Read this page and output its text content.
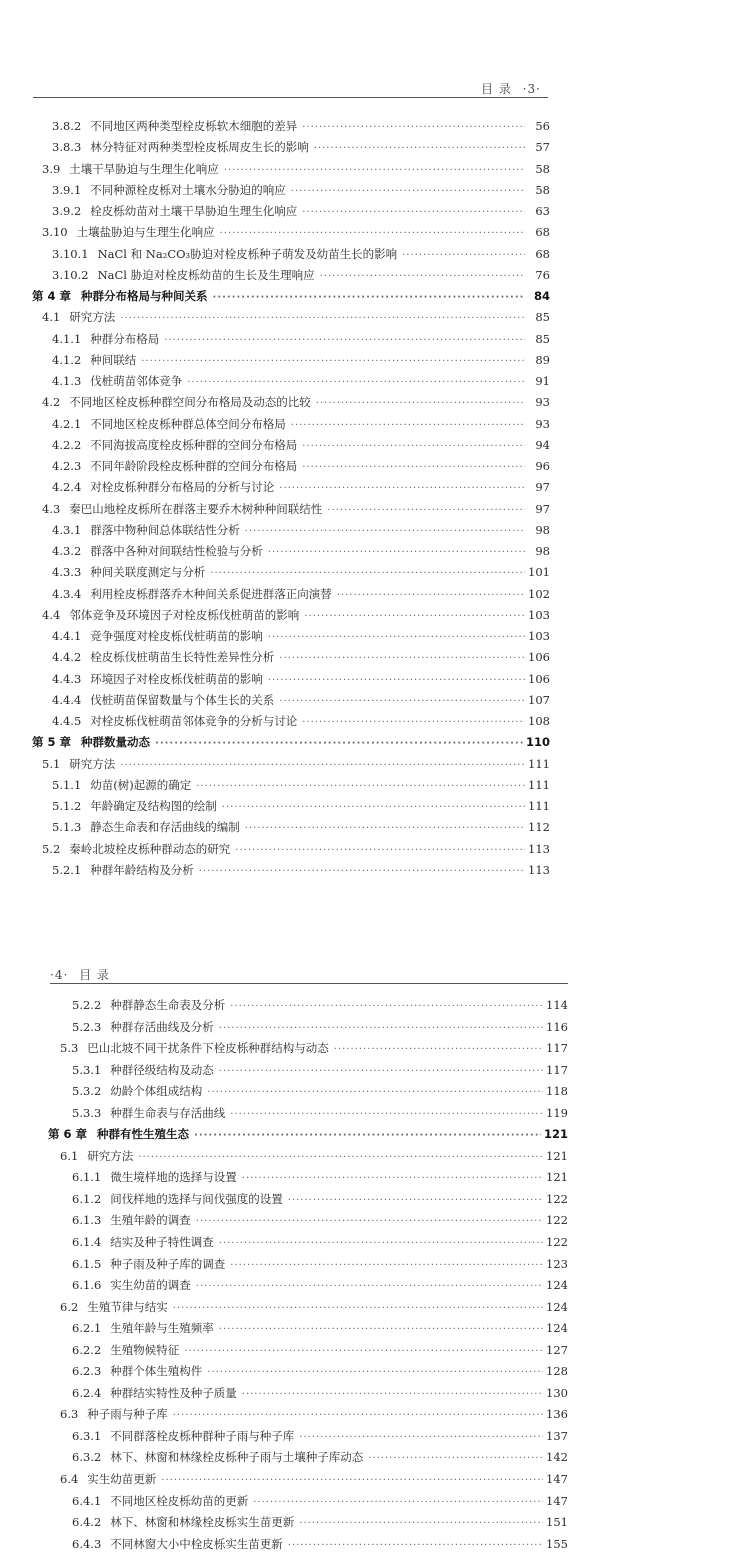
目 录 ·3·
3.8.2 不同地区两种类型栓皮栎软木细胞的差异 ·····	56
3.8.3 林分特征对两种类型栓皮栎周皮生长的影响 ·····	57
3.9 土壤干旱胁迫与生理生化响应 ·····	58
3.9.1 不同种源栓皮栎对土壤水分胁迫的响应 ·····	58
3.9.2 栓皮栎幼苗对土壤干旱胁迫生理生化响应 ·····	63
3.10 土壤盐胁迫与生理生化响应 ·····	68
3.10.1 NaCl 和 Na₂CO₃胁迫对栓皮栎种子萌发及幼苗生长的影响 ·····	68
3.10.2 NaCl 胁迫对栓皮栎幼苗的生长及生理响应 ·····	76
第 4 章 种群分布格局与种间关系 ·····	84
4.1 研究方法 ·····	85
4.1.1 种群分布格局 ·····	85
4.1.2 种间联结 ·····	89
4.1.3 伐桩萌苗邻体竞争 ·····	91
4.2 不同地区栓皮栎种群空间分布格局及动态的比较 ·····	93
4.2.1 不同地区栓皮栎种群总体空间分布格局 ·····	93
4.2.2 不同海拔高度栓皮栎种群的空间分布格局 ·····	94
4.2.3 不同年龄阶段栓皮栎种群的空间分布格局 ·····	96
4.2.4 对栓皮栎种群分布格局的分析与讨论 ·····	97
4.3 秦巴山地栓皮栎所在群落主要乔木树种种间联结性 ·····	97
4.3.1 群落中物种间总体联结性分析 ·····	98
4.3.2 群落中各种对间联结性检验与分析 ·····	98
4.3.3 种间关联度测定与分析 ·····	101
4.3.4 利用栓皮栎群落乔木种间关系促进群落正向演替 ·····	102
4.4 邻体竞争及环境因子对栓皮栎伐桩萌苗的影响 ·····	103
4.4.1 竞争强度对栓皮栎伐桩萌苗的影响 ·····	103
4.4.2 栓皮栎伐桩萌苗生长特性差异性分析 ·····	106
4.4.3 环境因子对栓皮栎伐桩萌苗的影响 ·····	106
4.4.4 伐桩萌苗保留数量与个体生长的关系 ·····	107
4.4.5 对栓皮栎伐桩萌苗邻体竞争的分析与讨论 ·····	108
第 5 章 种群数量动态 ·····	110
5.1 研究方法 ·····	111
5.1.1 幼苗(树)起源的确定 ·····	111
5.1.2 年龄确定及结构图的绘制 ·····	111
5.1.3 静态生命表和存活曲线的编制 ·····	112
5.2 秦岭北坡栓皮栎种群动态的研究 ·····	113
5.2.1 种群年龄结构及分析 ·····	113
·4· 目 录
5.2.2 种群静态生命表及分析 ·····	114
5.2.3 种群存活曲线及分析 ·····	116
5.3 巴山北坡不同干扰条件下栓皮栎种群结构与动态 ·····	117
5.3.1 种群径级结构及动态 ·····	117
5.3.2 幼龄个体组成结构 ·····	118
5.3.3 种群生命表与存活曲线 ·····	119
第 6 章 种群有性生殖生态 ·····	121
6.1 研究方法 ·····	121
6.1.1 微生境样地的选择与设置 ·····	121
6.1.2 间伐样地的选择与间伐强度的设置 ·····	122
6.1.3 生殖年龄的调查 ·····	122
6.1.4 结实及种子特性调查 ·····	122
6.1.5 种子雨及种子库的调查 ·····	123
6.1.6 实生幼苗的调查 ·····	124
6.2 生殖节律与结实 ·····	124
6.2.1 生殖年龄与生殖频率 ·····	124
6.2.2 生殖物候特征 ·····	127
6.2.3 种群个体生殖构件 ·····	128
6.2.4 种群结实特性及种子质量 ·····	130
6.3 种子雨与种子库 ·····	136
6.3.1 不同群落栓皮栎种群种子雨与种子库 ·····	137
6.3.2 林下、林窗和林缘栓皮栎种子雨与土壤种子库动态 ·····	142
6.4 实生幼苗更新 ·····	147
6.4.1 不同地区栓皮栎幼苗的更新 ·····	147
6.4.2 林下、林窗和林缘栓皮栎实生苗更新 ·····	151
6.4.3 不同林窗大小中栓皮栎实生苗更新 ·····	155
